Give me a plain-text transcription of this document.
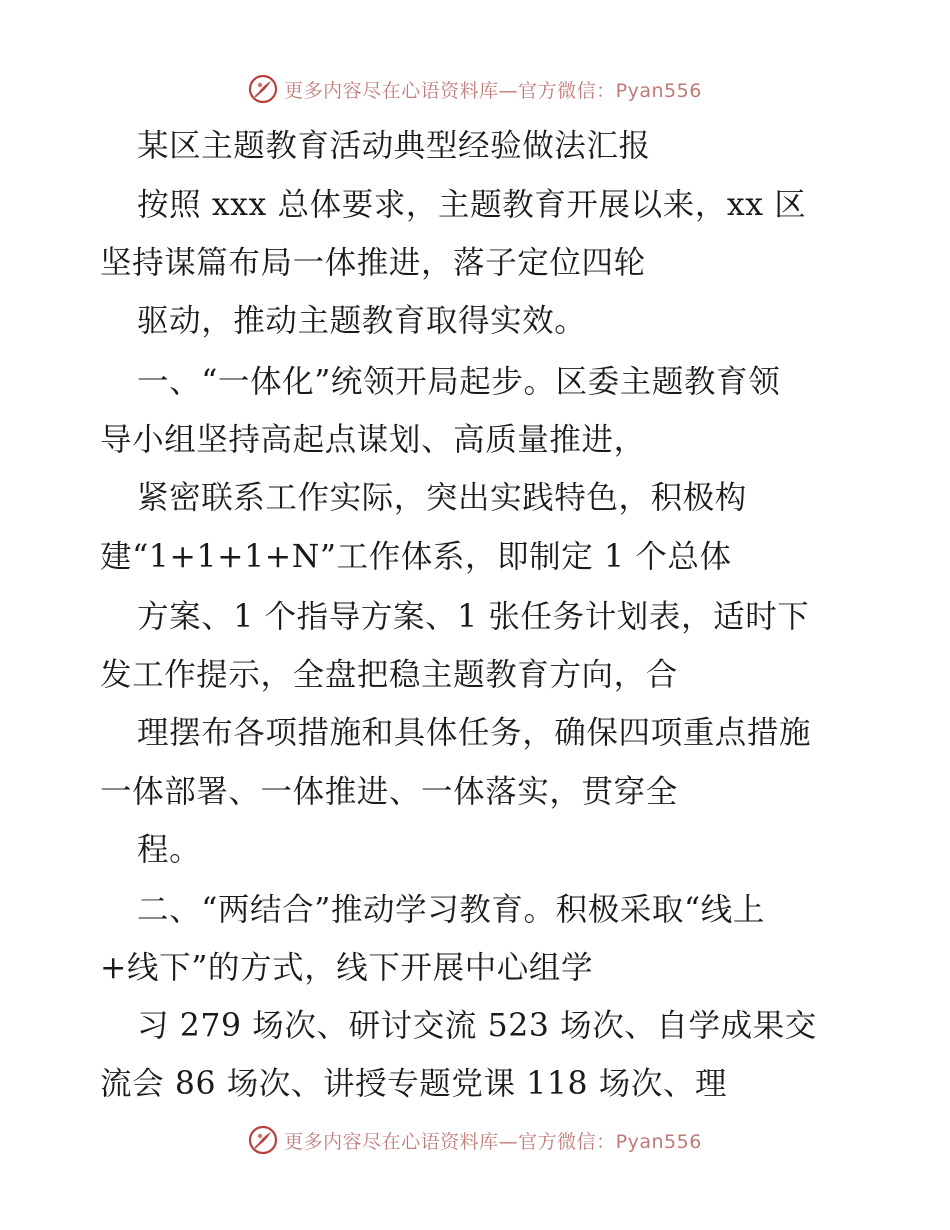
更多内容尽在心语资料库—官方微信：Pyan556
某区主题教育活动典型经验做法汇报
按照 xxx 总体要求，主题教育开展以来，xx 区
坚持谋篇布局一体推进，落子定位四轮
驱动，推动主题教育取得实效。
一、“一体化”统领开局起步。区委主题教育领
导小组坚持高起点谋划、高质量推进，
紧密联系工作实际，突出实践特色，积极构
建“1+1+1+N”工作体系，即制定 1 个总体
方案、1 个指导方案、1 张任务计划表，适时下
发工作提示，全盘把稳主题教育方向，合
理摆布各项措施和具体任务，确保四项重点措施
一体部署、一体推进、一体落实，贯穿全
程。
二、“两结合”推动学习教育。积极采取“线上
+线下”的方式，线下开展中心组学
习 279 场次、研讨交流 523 场次、自学成果交
流会 86 场次、讲授专题党课 118 场次、理
更多内容尽在心语资料库—官方微信：Pyan556
